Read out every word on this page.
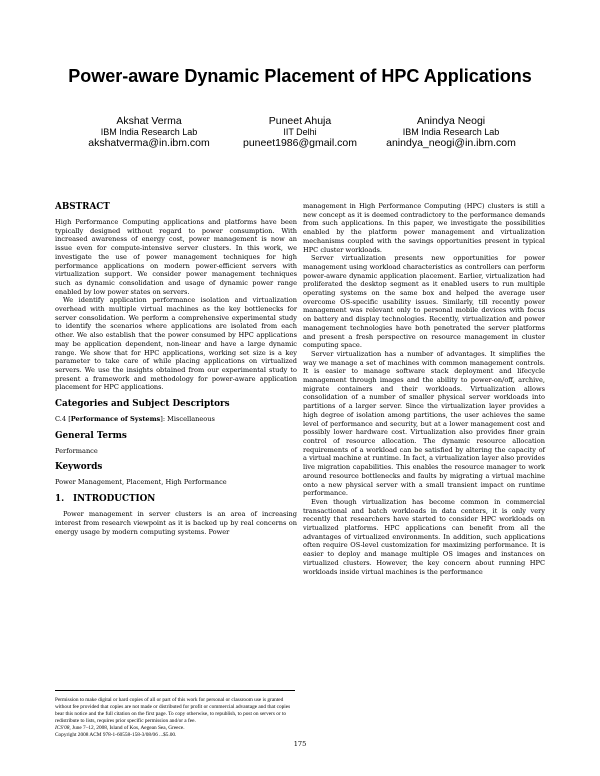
Power-aware Dynamic Placement of HPC Applications
Akshat Verma
IBM India Research Lab
akshatverma@in.ibm.com
Puneet Ahuja
IIT Delhi
puneet1986@gmail.com
Anindya Neogi
IBM India Research Lab
anindya_neogi@in.ibm.com
ABSTRACT

High Performance Computing applications and platforms have been typically designed without regard to power consumption. With increased awareness of energy cost, power management is now an issue even for compute-intensive server clusters. In this work, we investigate the use of power management techniques for high performance applications on modern power-efficient servers with virtualization support. We consider power management techniques such as dynamic consolidation and usage of dynamic power range enabled by low power states on servers.

We identify application performance isolation and virtualization overhead with multiple virtual machines as the key bottlenecks for server consolidation. We perform a comprehensive experimental study to identify the scenarios where applications are isolated from each other. We also establish that the power consumed by HPC applications may be application dependent, non-linear and have a large dynamic range. We show that for HPC applications, working set size is a key parameter to take care of while placing applications on virtualized servers. We use the insights obtained from our experimental study to present a framework and methodology for power-aware application placement for HPC applications.

Categories and Subject Descriptors

C.4 [Performance of Systems]: Miscellaneous

General Terms

Performance

Keywords

Power Management, Placement, High Performance

1. INTRODUCTION

Power management in server clusters is an area of increasing interest from research viewpoint as it is backed up by real concerns on energy usage by modern computing systems. Power

management in High Performance Computing (HPC) clusters is still a new concept as it is deemed contradictory to the performance demands from such applications. In this paper, we investigate the possibilities enabled by the platform power management and virtualization mechanisms coupled with the savings opportunities present in typical HPC cluster workloads.

Server virtualization presents new opportunities for power management using workload characteristics as controllers can perform power-aware dynamic application placement. Earlier, virtualization had proliferated the desktop segment as it enabled users to run multiple operating systems on the same box and helped the average user overcome OS-specific usability issues. Similarly, till recently power management was relevant only to personal mobile devices with focus on battery and display technologies. Recently, virtualization and power management technologies have both penetrated the server platforms and present a fresh perspective on resource management in cluster computing space.

Server virtualization has a number of advantages. It simplifies the way we manage a set of machines with common management controls. It is easier to manage software stack deployment and lifecycle management through images and the ability to power-on/off, archive, migrate containers and their workloads. Virtualization allows consolidation of a number of smaller physical server workloads into partitions of a larger server. Since the virtualization layer provides a high degree of isolation among partitions, the user achieves the same level of performance and security, but at a lower management cost and possibly lower hardware cost. Virtualization also provides finer grain control of resource allocation. The dynamic resource allocation requirements of a workload can be satisfied by altering the capacity of a virtual machine at runtime. In fact, a virtualization layer also provides live migration capabilities. This enables the resource manager to work around resource bottlenecks and faults by migrating a virtual machine onto a new physical server with a small transient impact on runtime performance.

Even though virtualization has become common in commercial transactional and batch workloads in data centers, it is only very recently that researchers have started to consider HPC workloads on virtualized platforms. HPC applications can benefit from all the advantages of virtualized environments. In addition, such applications often require OS-level customization for maximizing performance. It is easier to deploy and manage multiple OS images and instances on virtualized clusters. However, the key concern about running HPC workloads inside virtual machines is the performance

Permission to make digital or hard copies of all or part of this work for personal or classroom use is granted without fee provided that copies are not made or distributed for profit or commercial advantage and that copies bear this notice and the full citation on the first page. To copy otherwise, to republish, to post on servers or to redistribute to lists, requires prior specific permission and/or a fee.

ICS'08, June 7–12, 2008, Island of Kos, Aegean Sea, Greece.

Copyright 2008 ACM 978-1-60558-158-3/08/06 ...$5.00.

175
